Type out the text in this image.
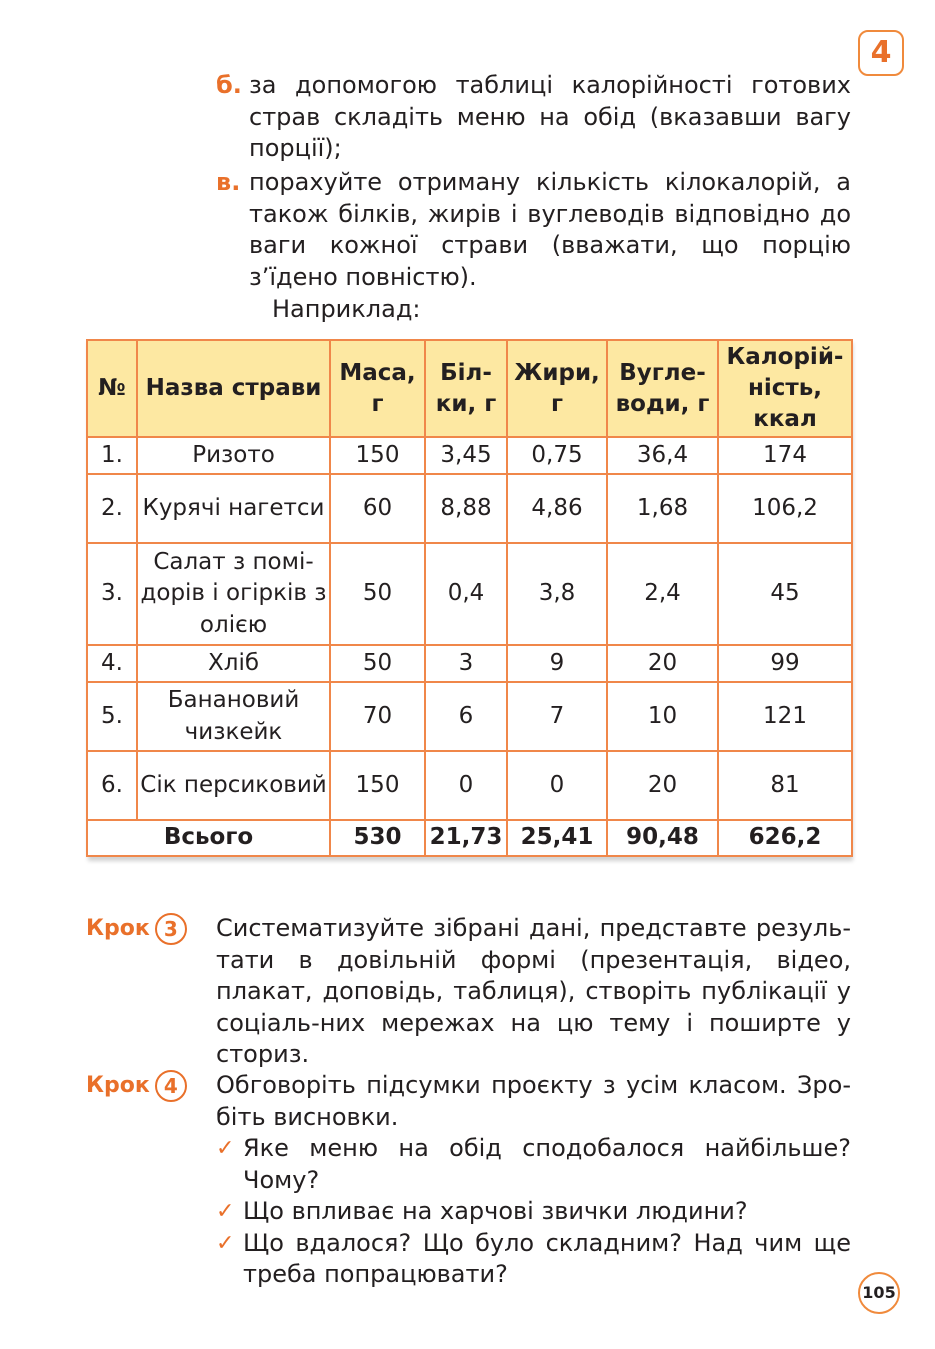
4
б. за допомогою таблиці калорійності готових страв складіть меню на обід (вказавши вагу порції);
в. порахуйте отриману кількість кілокалорій, а також білків, жирів і вуглеводів відповідно до ваги кожної страви (вважати, що порцію з’їдено повністю).
Наприклад:
№	Назва страви	Маса, г	Біл-ки, г	Жири, г	Вугле-води, г	Калорій-ність, ккал
1.	Ризото	150	3,45	0,75	36,4	174
2.	Курячі нагетси	60	8,88	4,86	1,68	106,2
3.	Салат з помі-дорів і огірків з олією	50	0,4	3,8	2,4	45
4.	Хліб	50	3	9	20	99
5.	Банановий чизкейк	70	6	7	10	121
6.	Сік персиковий	150	0	0	20	81
Всього		530	21,73	25,41	90,48	626,2
Крок 3	Систематизуйте зібрані дані, представте резуль-тати в довільній формі (презентація, відео, плакат, доповідь, таблиця), створіть публікації у соціаль-них мережах на цю тему і поширте у сториз.
Крок 4	Обговоріть підсумки проєкту з усім класом. Зро-біть висновки.
✓ Яке меню на обід сподобалося найбільше? Чому?
✓ Що впливає на харчові звички людини?
✓ Що вдалося? Що було складним? Над чим ще треба попрацювати?
105
